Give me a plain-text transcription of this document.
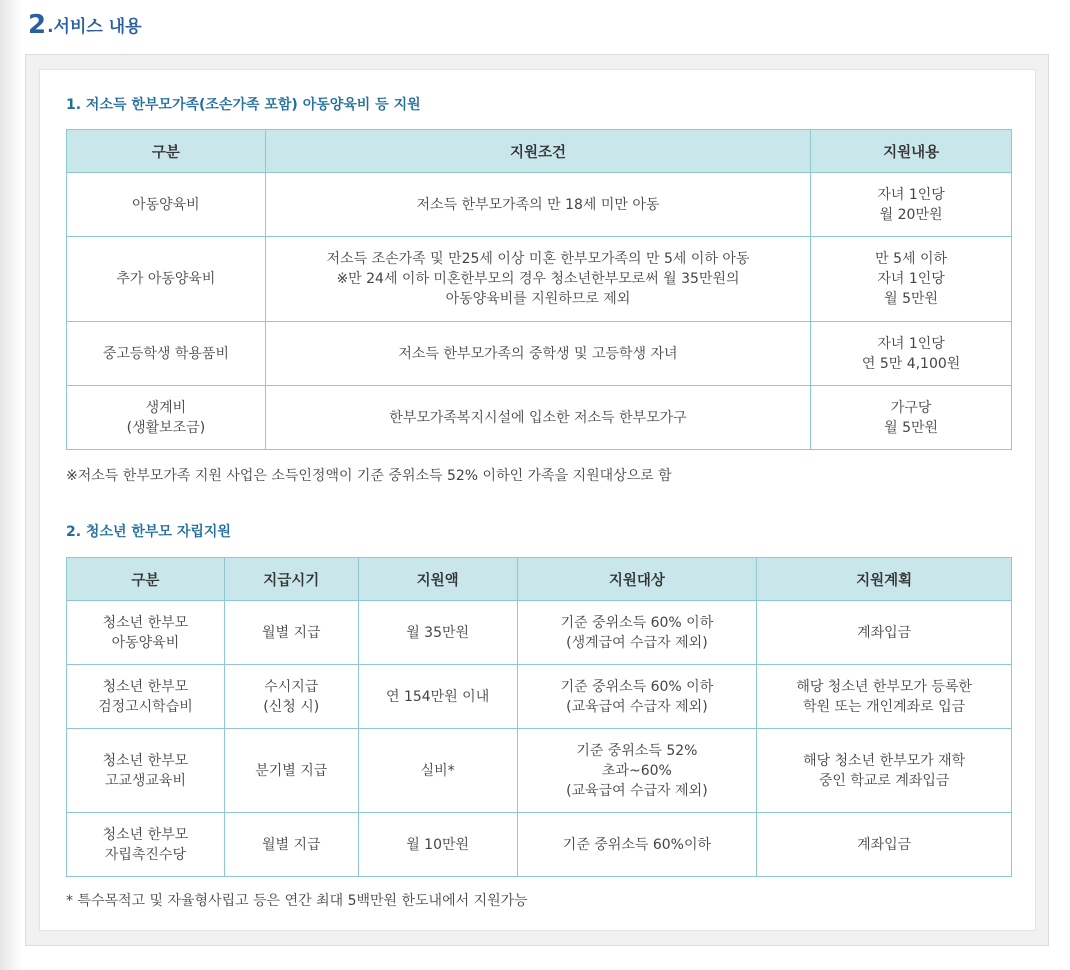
2 .서비스 내용
1. 저소득 한부모가족(조손가족 포함) 아동양육비 등 지원
구분	지원조건	지원내용
아동양육비	저소득 한부모가족의 만 18세 미만 아동	자녀 1인당
월 20만원
추가 아동양육비	저소득 조손가족 및 만25세 이상 미혼 한부모가족의 만 5세 이하 아동
※만 24세 이하 미혼한부모의 경우 청소년한부모로써 월 35만원의
아동양육비를 지원하므로 제외	만 5세 이하
자녀 1인당
월 5만원
중고등학생 학용품비	저소득 한부모가족의 중학생 및 고등학생 자녀	자녀 1인당
연 5만 4,100원
생계비
(생활보조금)	한부모가족복지시설에 입소한 저소득 한부모가구	가구당
월 5만원
※저소득 한부모가족 지원 사업은 소득인정액이 기준 중위소득 52% 이하인 가족을 지원대상으로 함
2. 청소년 한부모 자립지원
구분	지급시기	지원액	지원대상	지원계획
청소년 한부모
아동양육비	월별 지급	월 35만원	기준 중위소득 60% 이하
(생계급여 수급자 제외)	계좌입금
청소년 한부모
검정고시학습비	수시지급
(신청 시)	연 154만원 이내	기준 중위소득 60% 이하
(교육급여 수급자 제외)	해당 청소년 한부모가 등록한
학원 또는 개인계좌로 입금
청소년 한부모
고교생교육비	분기별 지급	실비*	기준 중위소득 52%
초과~60%
(교육급여 수급자 제외)	해당 청소년 한부모가 재학
중인 학교로 계좌입금
청소년 한부모
자립촉진수당	월별 지급	월 10만원	기준 중위소득 60%이하	계좌입금
* 특수목적고 및 자율형사립고 등은 연간 최대 5백만원 한도내에서 지원가능
